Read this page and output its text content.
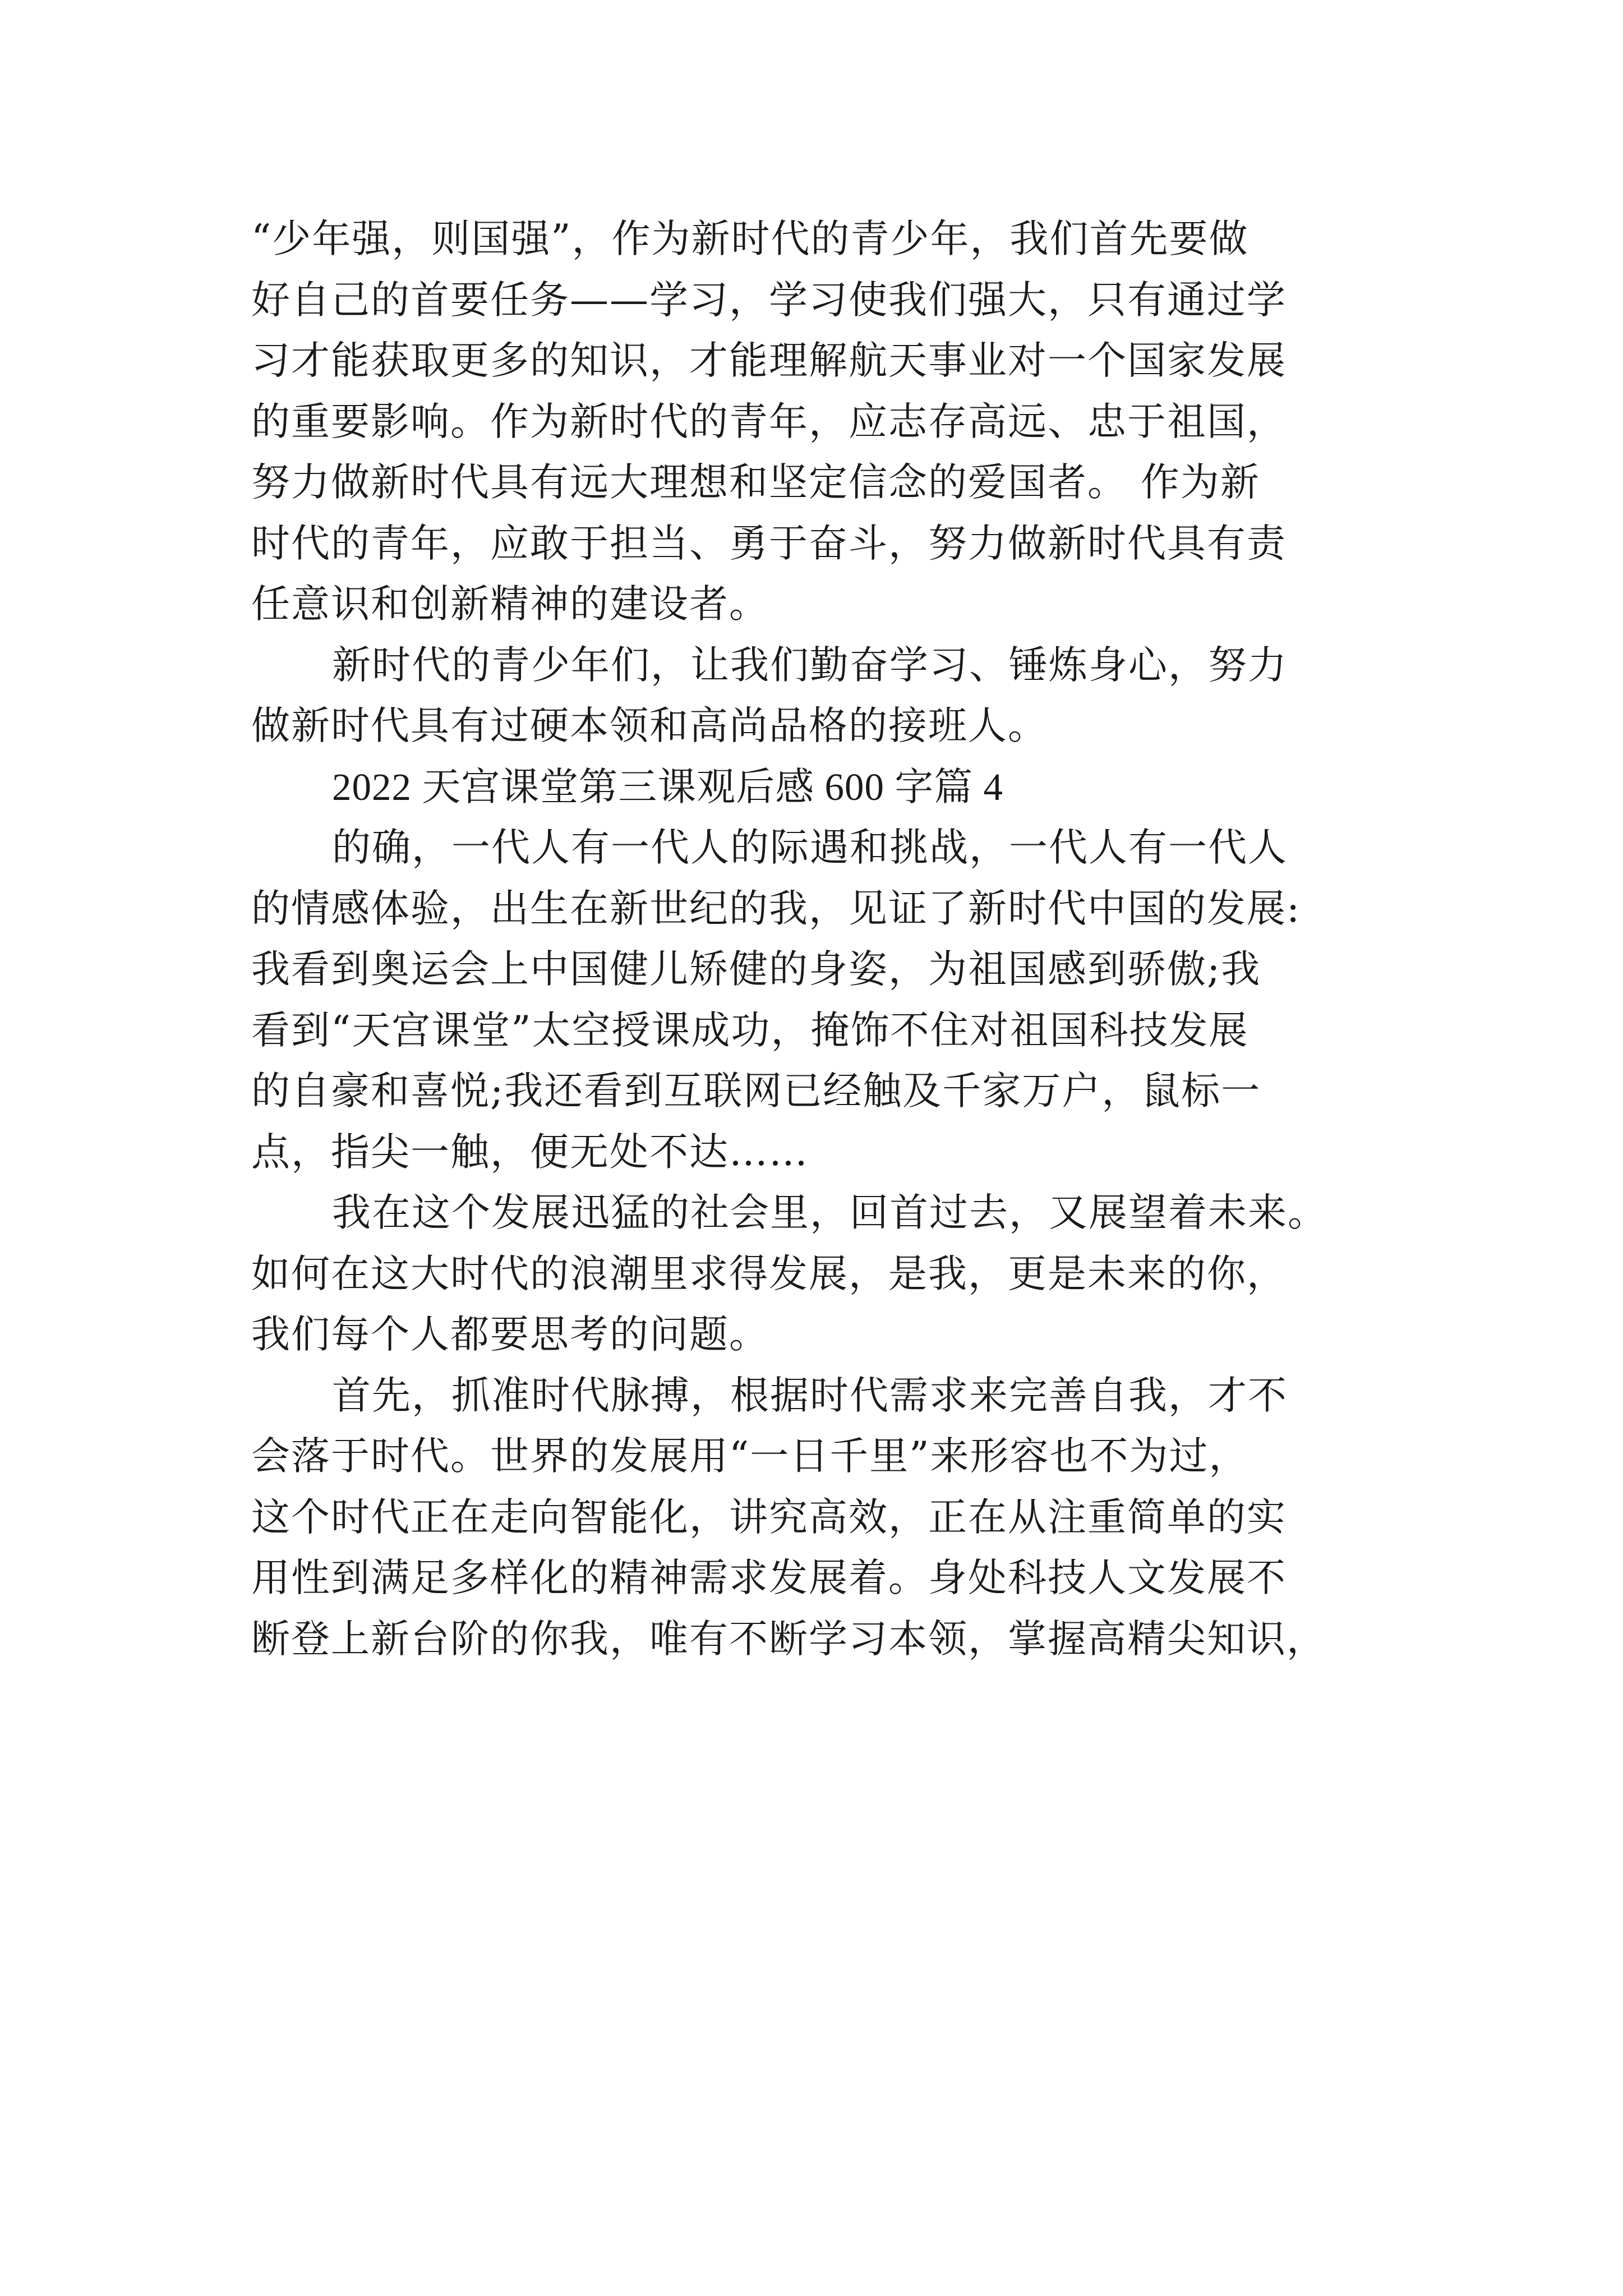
“少年强，则国强”，作为新时代的青少年，我们首先要做
好自己的首要任务——学习，学习使我们强大，只有通过学
习才能获取更多的知识，才能理解航天事业对一个国家发展
的重要影响。作为新时代的青年，应志存高远、忠于祖国，
努力做新时代具有远大理想和坚定信念的爱国者。 作为新
时代的青年，应敢于担当、勇于奋斗，努力做新时代具有责
任意识和创新精神的建设者。
新时代的青少年们，让我们勤奋学习、锤炼身心，努力
做新时代具有过硬本领和高尚品格的接班人。
2022 天宫课堂第三课观后感 600 字篇 4
的确，一代人有一代人的际遇和挑战，一代人有一代人
的情感体验，出生在新世纪的我，见证了新时代中国的发展:
我看到奥运会上中国健儿矫健的身姿，为祖国感到骄傲;我
看到“天宫课堂”太空授课成功，掩饰不住对祖国科技发展
的自豪和喜悦;我还看到互联网已经触及千家万户，鼠标一
点，指尖一触，便无处不达……
我在这个发展迅猛的社会里，回首过去，又展望着未来。
如何在这大时代的浪潮里求得发展，是我，更是未来的你，
我们每个人都要思考的问题。
首先，抓准时代脉搏，根据时代需求来完善自我，才不
会落于时代。世界的发展用“一日千里”来形容也不为过，
这个时代正在走向智能化，讲究高效，正在从注重简单的实
用性到满足多样化的精神需求发展着。身处科技人文发展不
断登上新台阶的你我，唯有不断学习本领，掌握高精尖知识，
